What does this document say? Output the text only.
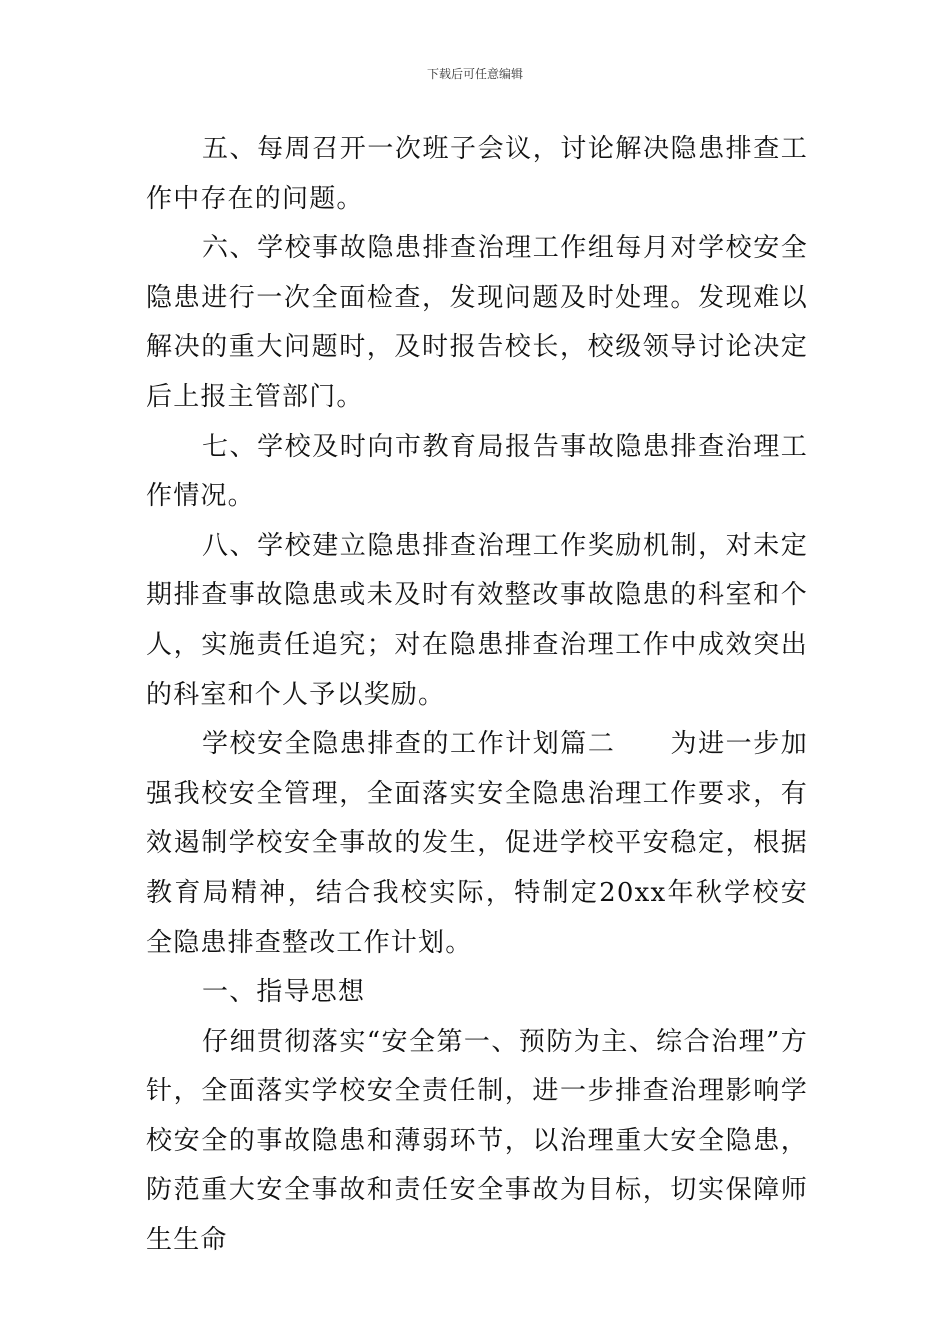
下载后可任意编辑

五、每周召开一次班子会议，讨论解决隐患排查工作中存在的问题。

六、学校事故隐患排查治理工作组每月对学校安全隐患进行一次全面检查，发现问题及时处理。发现难以解决的重大问题时，及时报告校长，校级领导讨论决定后上报主管部门。

七、学校及时向市教育局报告事故隐患排查治理工作情况。

八、学校建立隐患排查治理工作奖励机制，对未定期排查事故隐患或未及时有效整改事故隐患的科室和个人，实施责任追究；对在隐患排查治理工作中成效突出的科室和个人予以奖励。

学校安全隐患排查的工作计划篇二　　为进一步加强我校安全管理，全面落实安全隐患治理工作要求，有效遏制学校安全事故的发生，促进学校平安稳定，根据教育局精神，结合我校实际，特制定20xx年秋学校安全隐患排查整改工作计划。

一、指导思想

仔细贯彻落实“安全第一、预防为主、综合治理”方针，全面落实学校安全责任制，进一步排查治理影响学校安全的事故隐患和薄弱环节，以治理重大安全隐患，防范重大安全事故和责任安全事故为目标，切实保障师生生命
